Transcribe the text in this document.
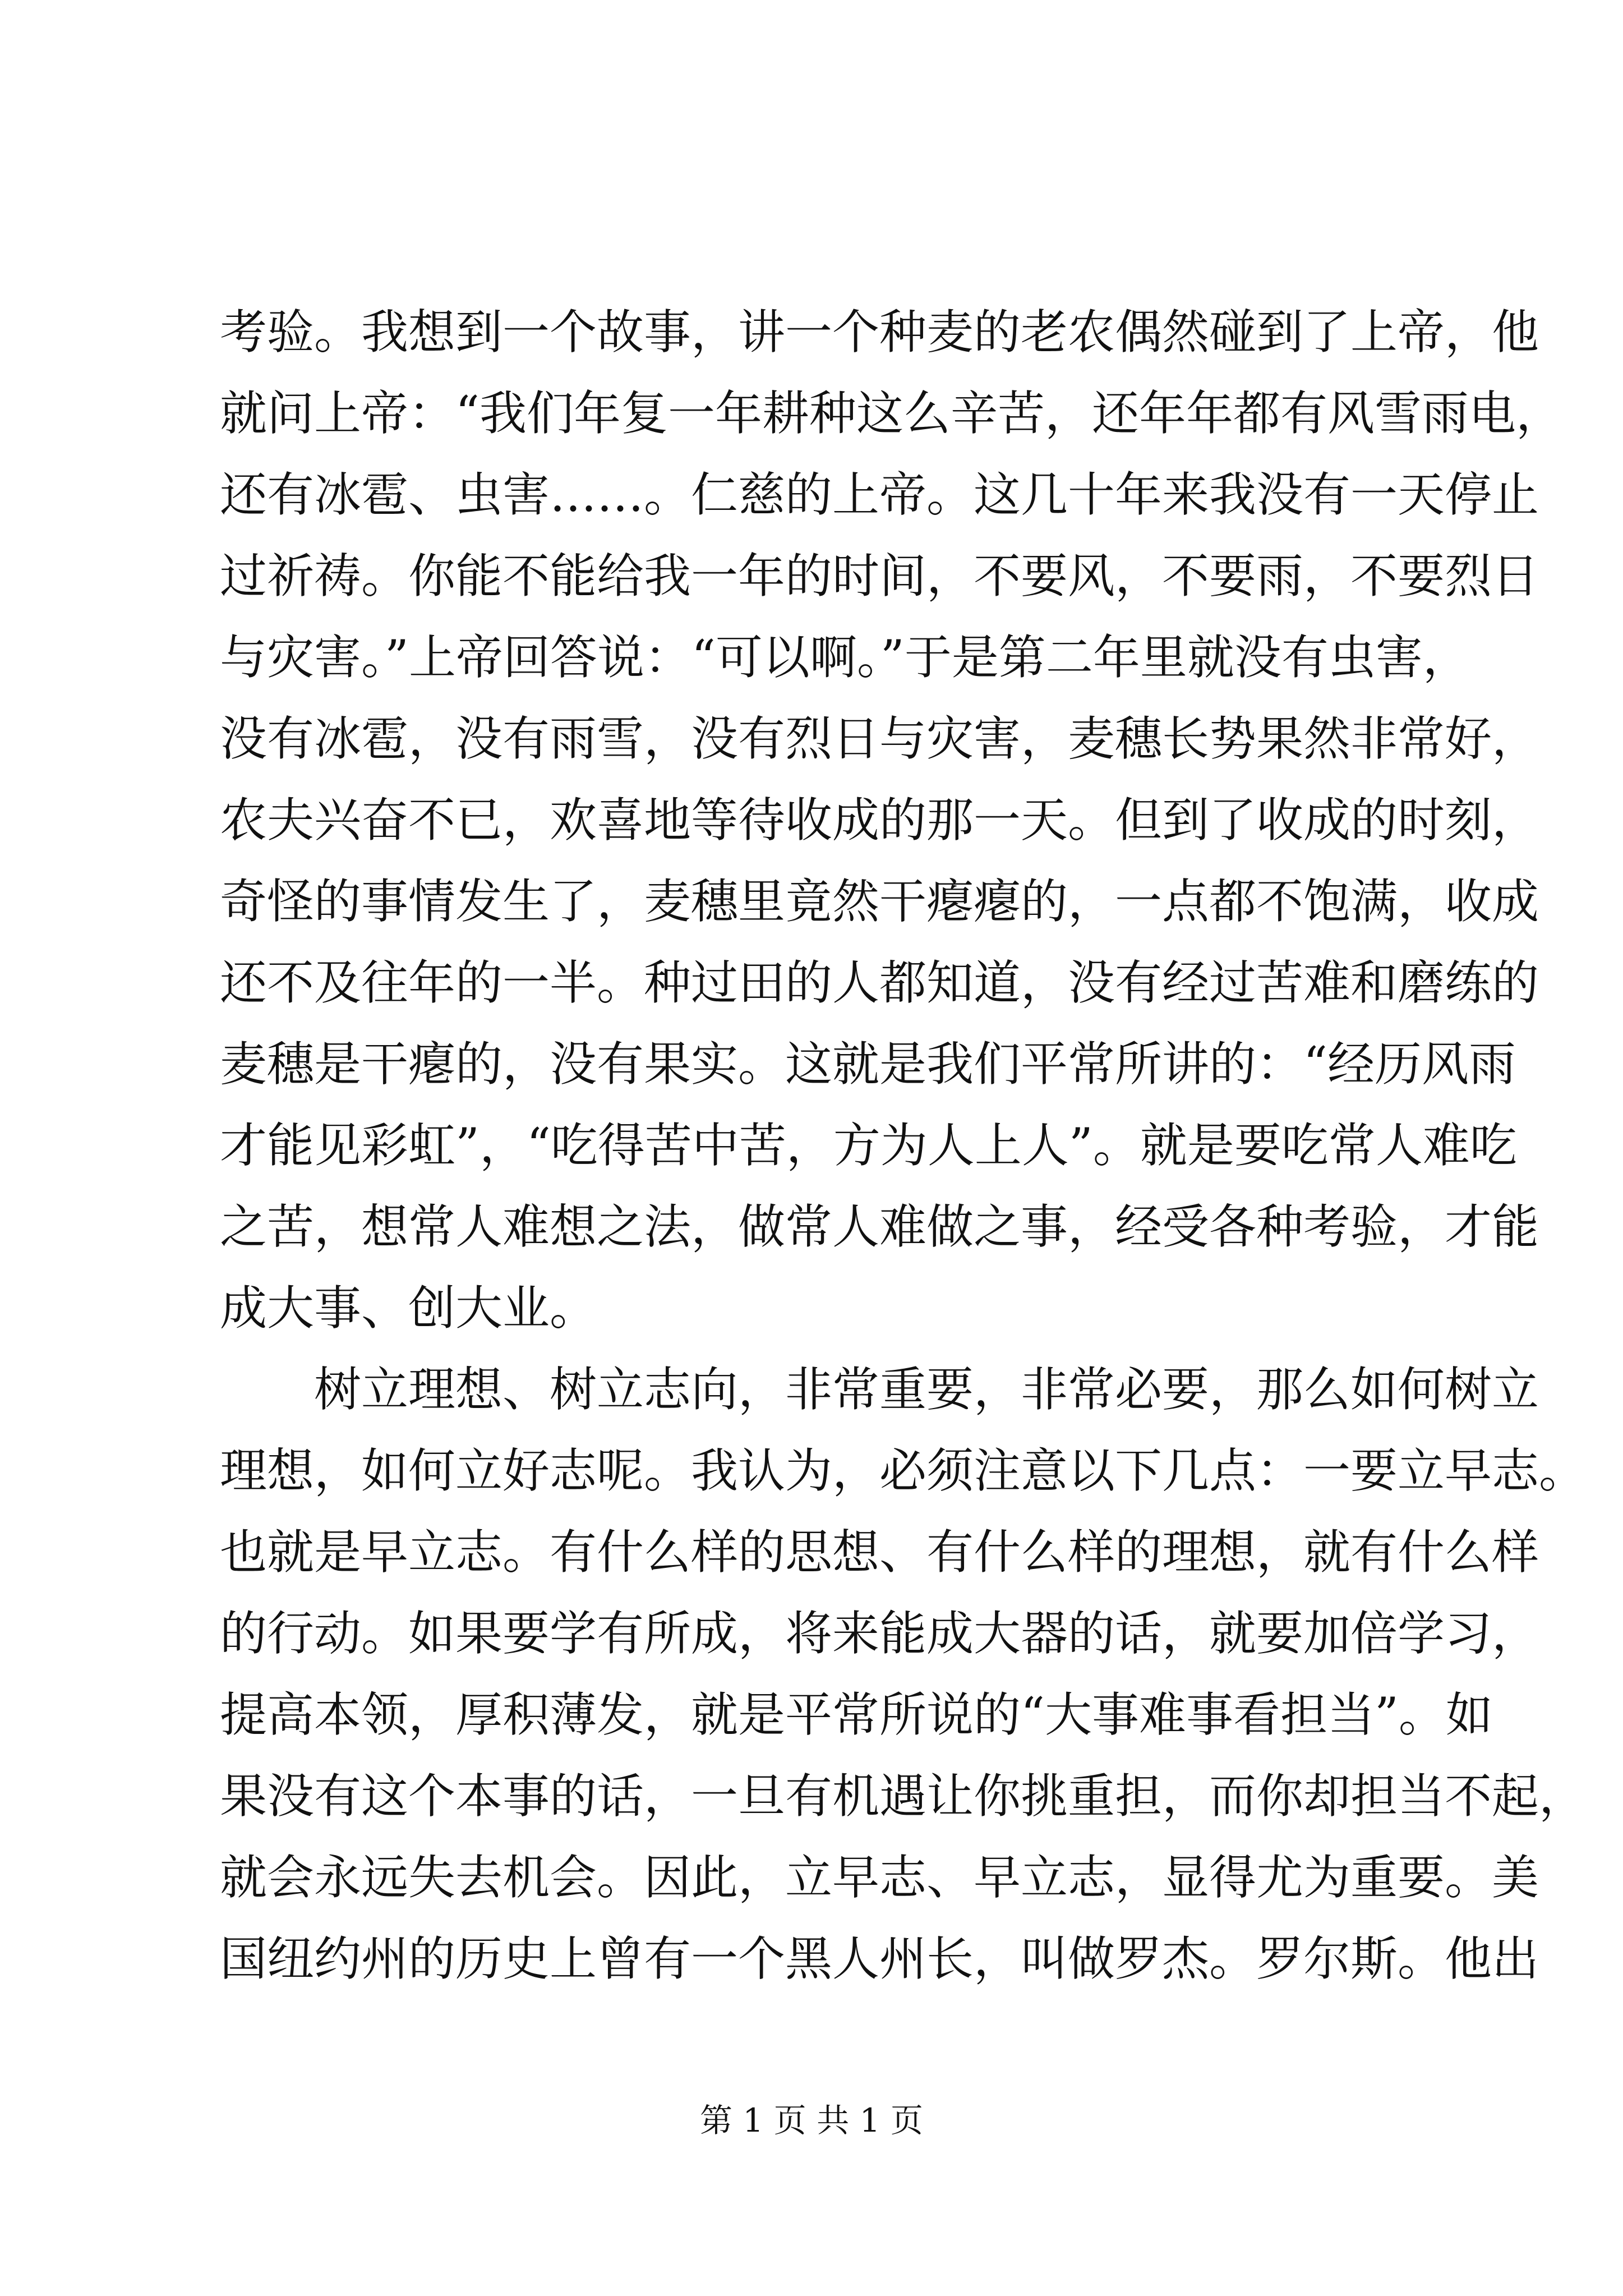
考验。我想到一个故事，讲一个种麦的老农偶然碰到了上帝，他
就问上帝：“我们年复一年耕种这么辛苦，还年年都有风雪雨电，
还有冰雹、虫害……。仁慈的上帝。这几十年来我没有一天停止
过祈祷。你能不能给我一年的时间，不要风，不要雨，不要烈日
与灾害。”上帝回答说：“可以啊。”于是第二年里就没有虫害，
没有冰雹，没有雨雪，没有烈日与灾害，麦穗长势果然非常好，
农夫兴奋不已，欢喜地等待收成的那一天。但到了收成的时刻，
奇怪的事情发生了，麦穗里竟然干瘪瘪的，一点都不饱满，收成
还不及往年的一半。种过田的人都知道，没有经过苦难和磨练的
麦穗是干瘪的，没有果实。这就是我们平常所讲的：“经历风雨
才能见彩虹”，“吃得苦中苦，方为人上人”。就是要吃常人难吃
之苦，想常人难想之法，做常人难做之事，经受各种考验，才能
成大事、创大业。
树立理想、树立志向，非常重要，非常必要，那么如何树立
理想，如何立好志呢。我认为，必须注意以下几点：一要立早志。
也就是早立志。有什么样的思想、有什么样的理想，就有什么样
的行动。如果要学有所成，将来能成大器的话，就要加倍学习，
提高本领，厚积薄发，就是平常所说的“大事难事看担当”。如
果没有这个本事的话，一旦有机遇让你挑重担，而你却担当不起，
就会永远失去机会。因此，立早志、早立志，显得尤为重要。美
国纽约州的历史上曾有一个黑人州长，叫做罗杰。罗尔斯。他出
第 1 页 共 1 页
